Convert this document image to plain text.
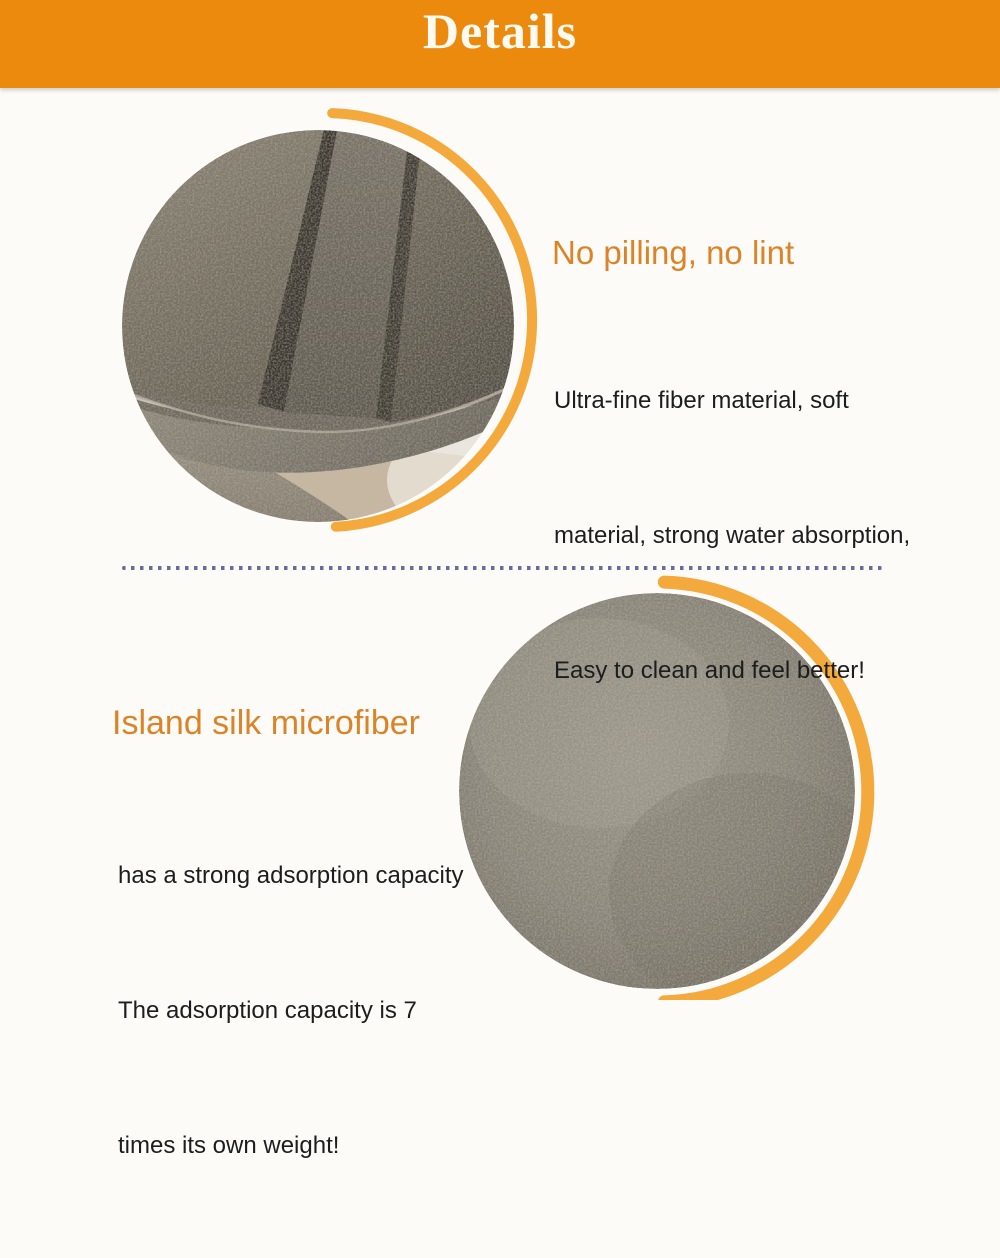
Details
No pilling, no lint

Ultra-fine fiber material, soft

material, strong water absorption,

Easy to clean and feel better!

Island silk microfiber

has a strong adsorption capacity

The adsorption capacity is 7

times its own weight!
